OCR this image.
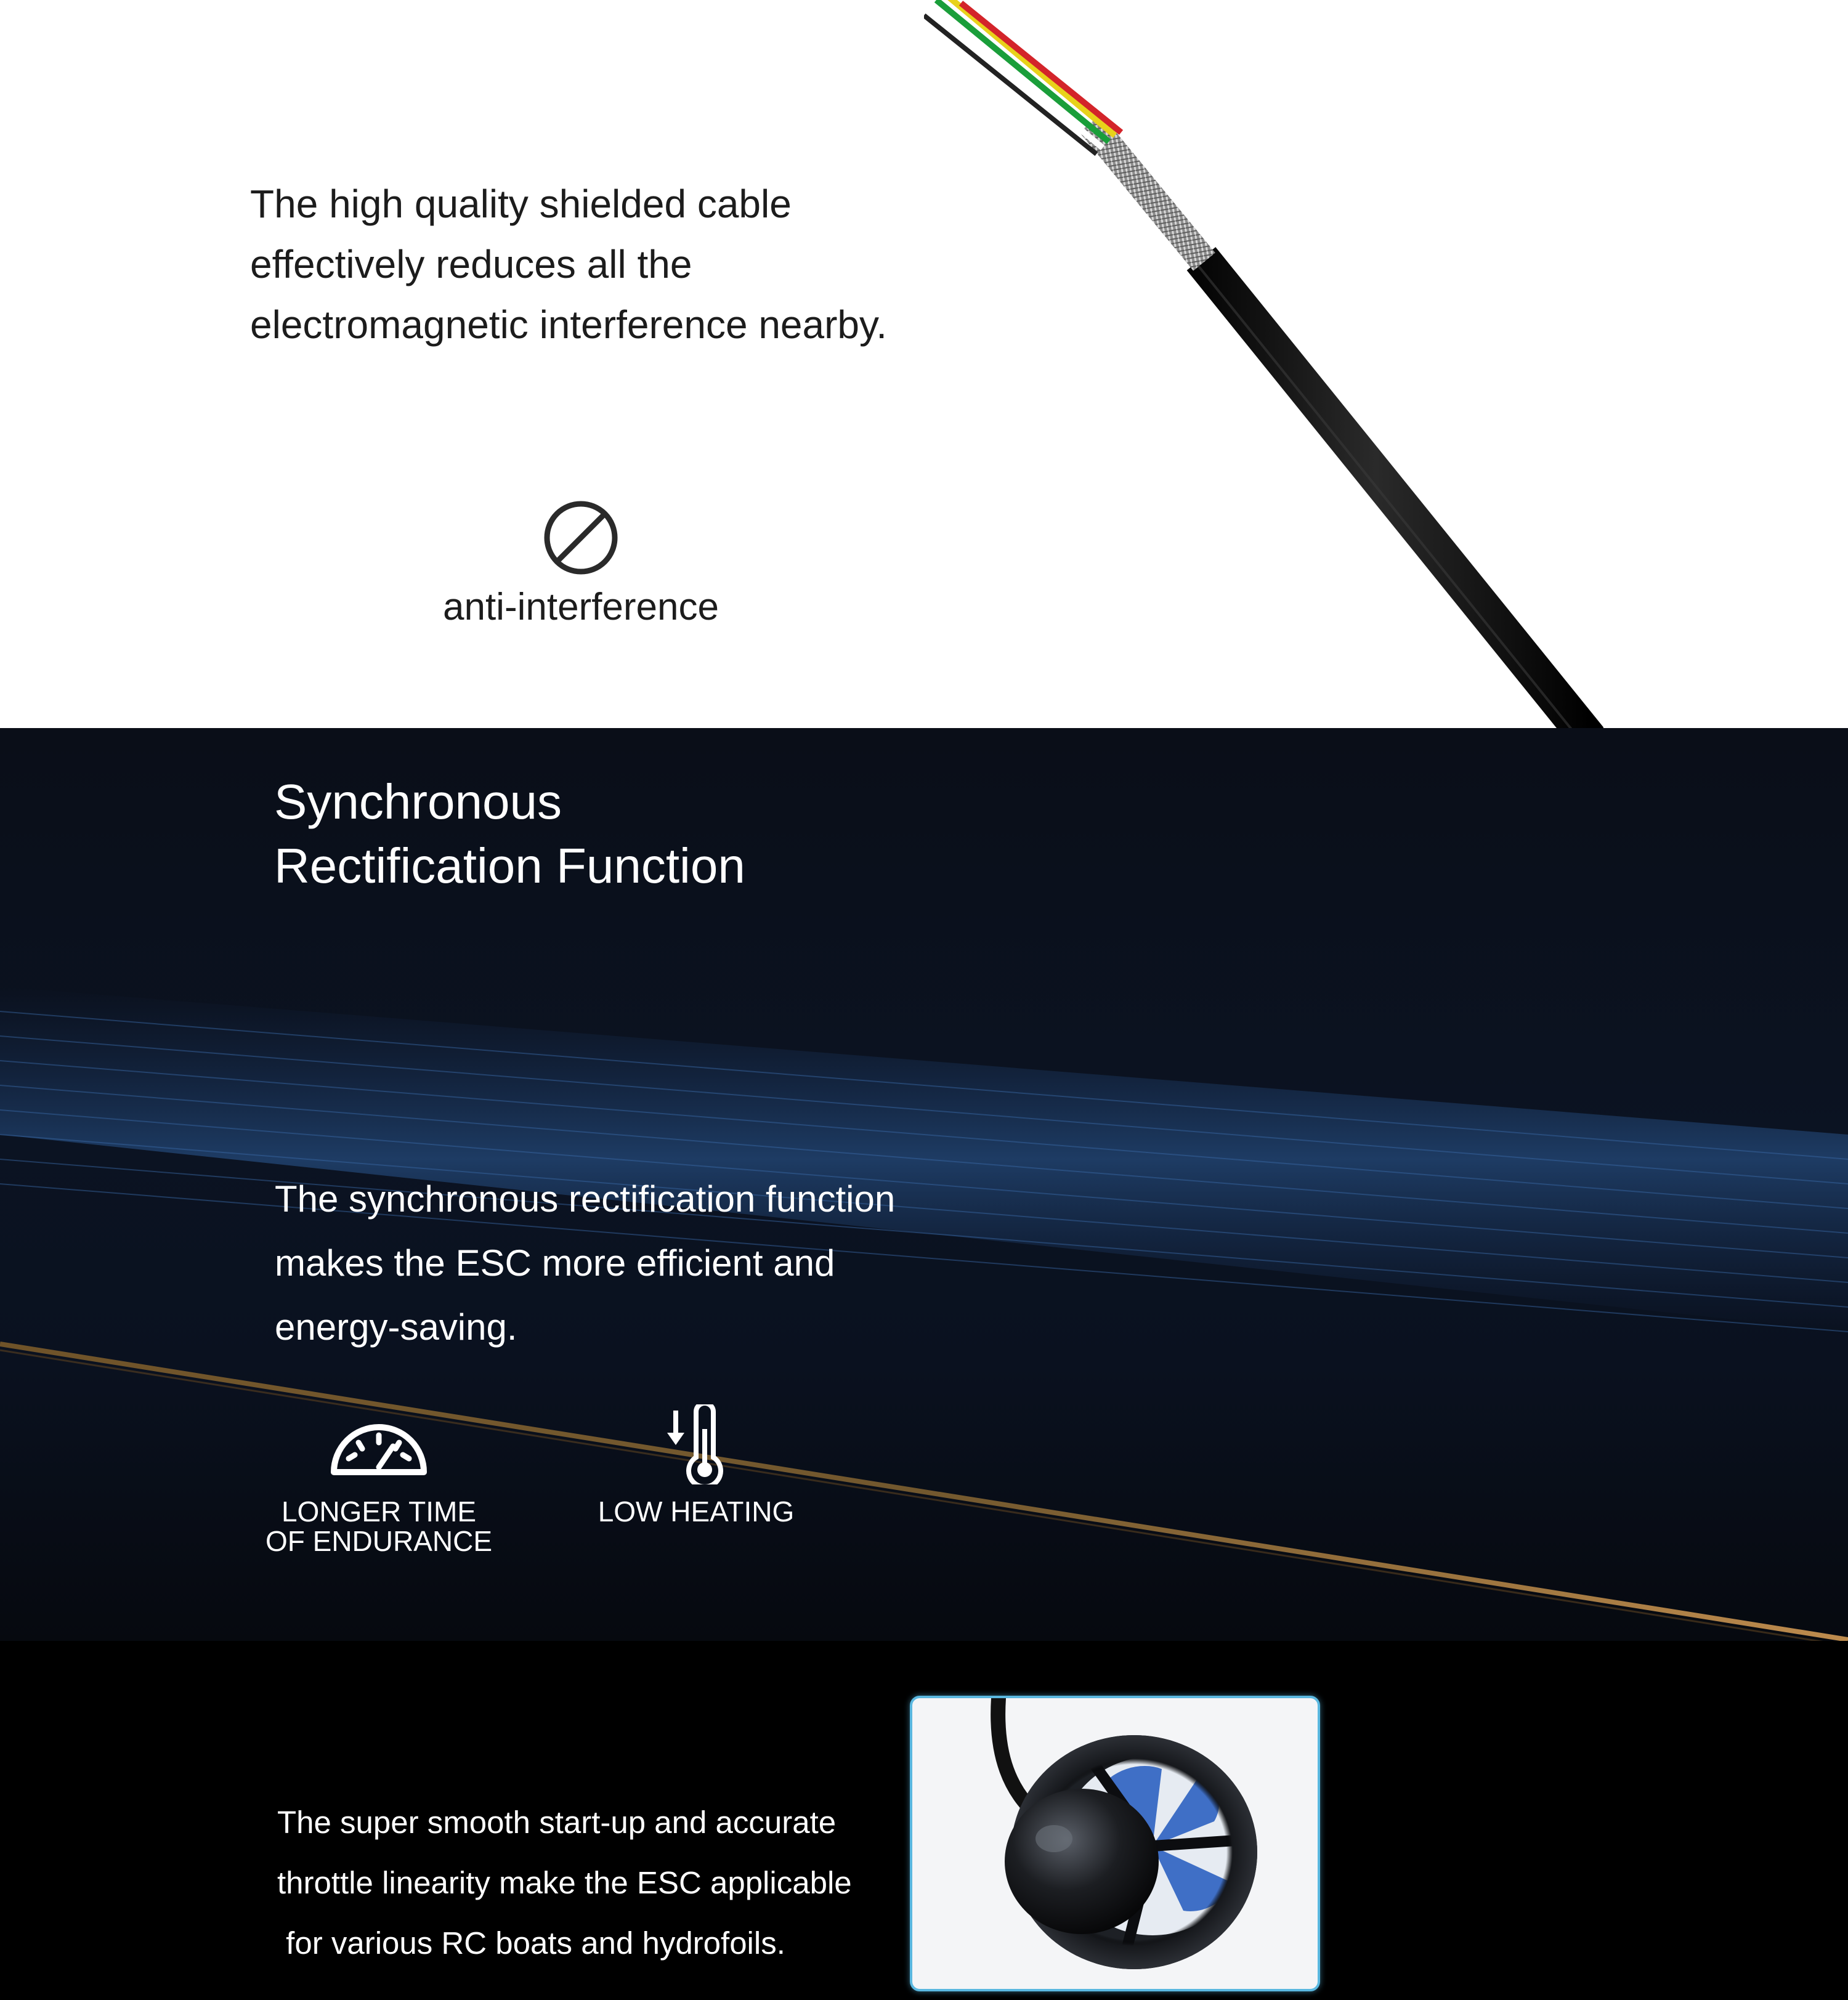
The high quality shielded cable
effectively reduces all the
electromagnetic interference nearby.

anti-interference
Synchronous
Rectification Function

The synchronous rectification function
makes the ESC more efficient and
energy-saving.

LONGER TIME
OF ENDURANCE
LOW HEATING

The super smooth start-up and accurate
throttle linearity make the ESC applicable
for various RC boats and hydrofoils.
